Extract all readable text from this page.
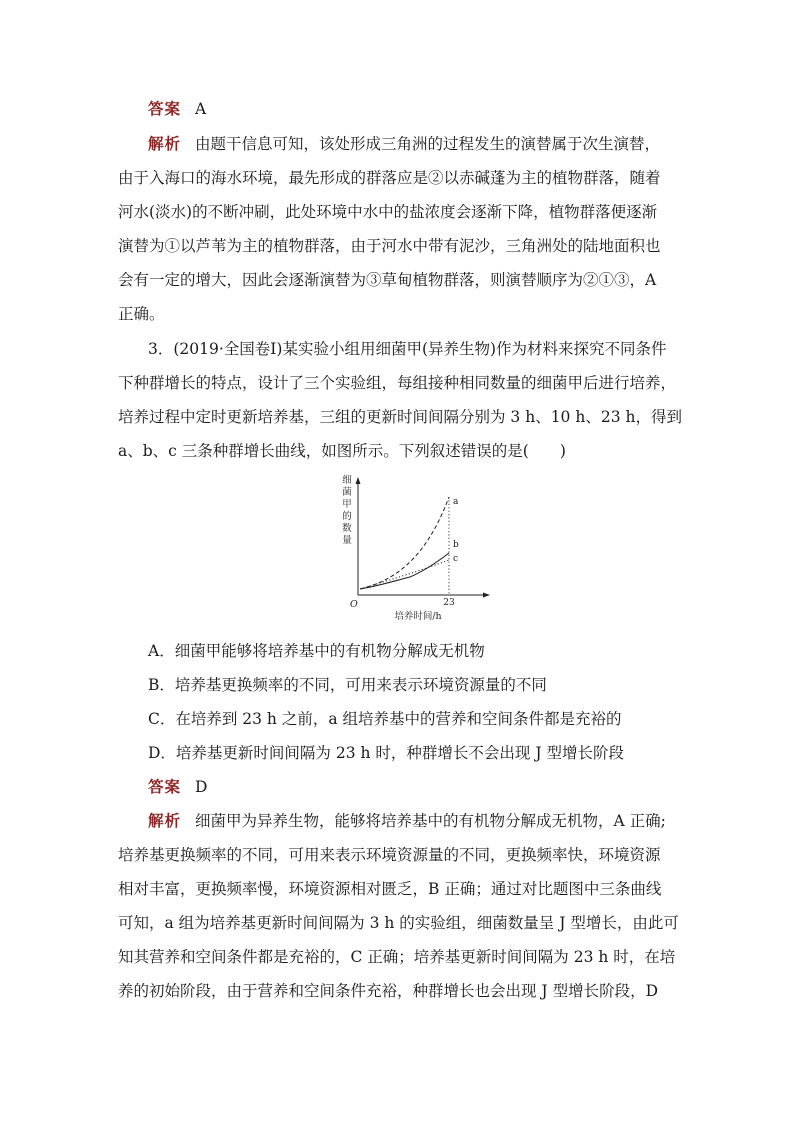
答案 A
解析 由题干信息可知，该处形成三角洲的过程发生的演替属于次生演替，
由于入海口的海水环境，最先形成的群落应是②以赤碱蓬为主的植物群落，随着
河水(淡水)的不断冲刷，此处环境中水中的盐浓度会逐渐下降，植物群落便逐渐
演替为①以芦苇为主的植物群落，由于河水中带有泥沙，三角洲处的陆地面积也
会有一定的增大，因此会逐渐演替为③草甸植物群落，则演替顺序为②①③，A
正确。
3．(2019·全国卷Ⅰ)某实验小组用细菌甲(异养生物)作为材料来探究不同条件
下种群增长的特点，设计了三个实验组，每组接种相同数量的细菌甲后进行培养，
培养过程中定时更新培养基，三组的更新时间间隔分别为 3 h、10 h、23 h，得到
a、b、c 三条种群增长曲线，如图所示。下列叙述错误的是(　　)
细
菌
甲
的
数
量
a
b
c
O	23
培养时间/h
A．细菌甲能够将培养基中的有机物分解成无机物
B．培养基更换频率的不同，可用来表示环境资源量的不同
C．在培养到 23 h 之前，a 组培养基中的营养和空间条件都是充裕的
D．培养基更新时间间隔为 23 h 时，种群增长不会出现 J 型增长阶段
答案 D
解析 细菌甲为异养生物，能够将培养基中的有机物分解成无机物，A 正确;
培养基更换频率的不同，可用来表示环境资源量的不同，更换频率快，环境资源
相对丰富，更换频率慢，环境资源相对匮乏，B 正确；通过对比题图中三条曲线
可知，a 组为培养基更新时间间隔为 3 h 的实验组，细菌数量呈 J 型增长，由此可
知其营养和空间条件都是充裕的，C 正确；培养基更新时间间隔为 23 h 时，在培
养的初始阶段，由于营养和空间条件充裕，种群增长也会出现 J 型增长阶段，D
